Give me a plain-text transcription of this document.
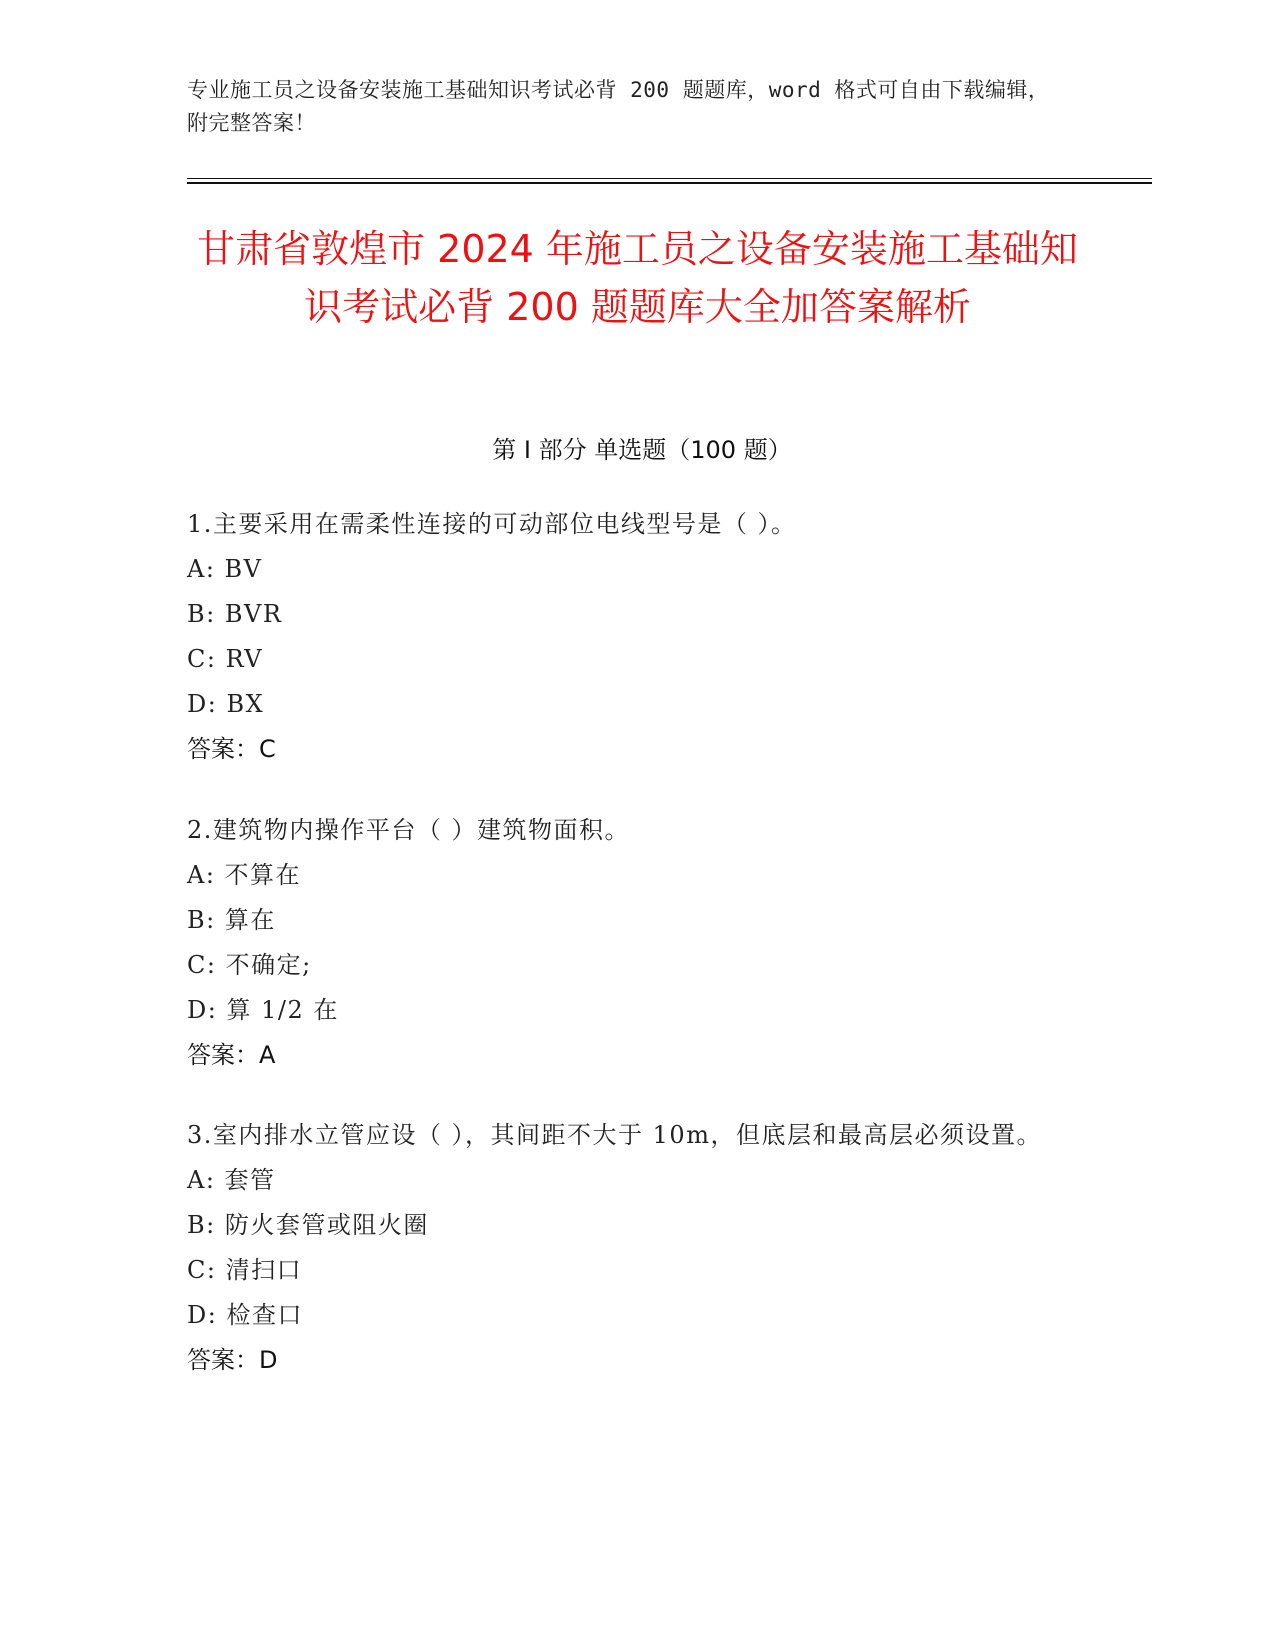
专业施工员之设备安装施工基础知识考试必背 200 题题库，word 格式可自由下载编辑，附完整答案！
甘肃省敦煌市 2024 年施工员之设备安装施工基础知识考试必背 200 题题库大全加答案解析
第 I 部分 单选题（100 题）

1.主要采用在需柔性连接的可动部位电线型号是（ ）。

A: BV

B: BVR

C: RV

D: BX

答案：C

2.建筑物内操作平台（ ）建筑物面积。

A: 不算在

B: 算在

C: 不确定;

D: 算 1/2 在

答案：A

3.室内排水立管应设（ ），其间距不大于 10m，但底层和最高层必须设置。

A: 套管

B: 防火套管或阻火圈

C: 清扫口

D: 检查口

答案：D
